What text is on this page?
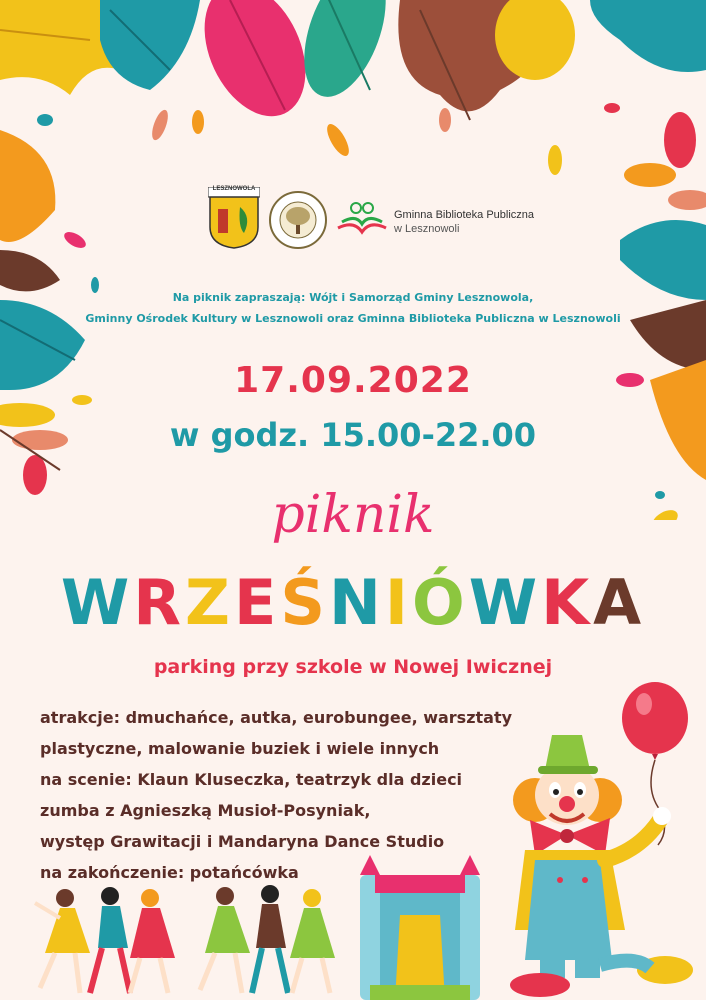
LESZNOWOLA
Gminna Biblioteka Publiczna
w Lesznowoli
Na piknik zapraszają: Wójt i Samorząd Gminy Lesznowola,
Gminny Ośrodek Kultury w Lesznowoli oraz Gminna Biblioteka Publiczna w Lesznowoli
17.09.2022
w godz. 15.00-22.00
piknik
WRZEŚNIÓWKA
parking przy szkole w Nowej Iwicznej
atrakcje: dmuchańce, autka, eurobungee, warsztaty
plastyczne, malowanie buziek i wiele innych
na scenie: Klaun Kluseczka, teatrzyk dla dzieci
zumba z Agnieszką Musioł-Posyniak,
występ Grawitacji i Mandaryna Dance Studio
na zakończenie: potańcówka
